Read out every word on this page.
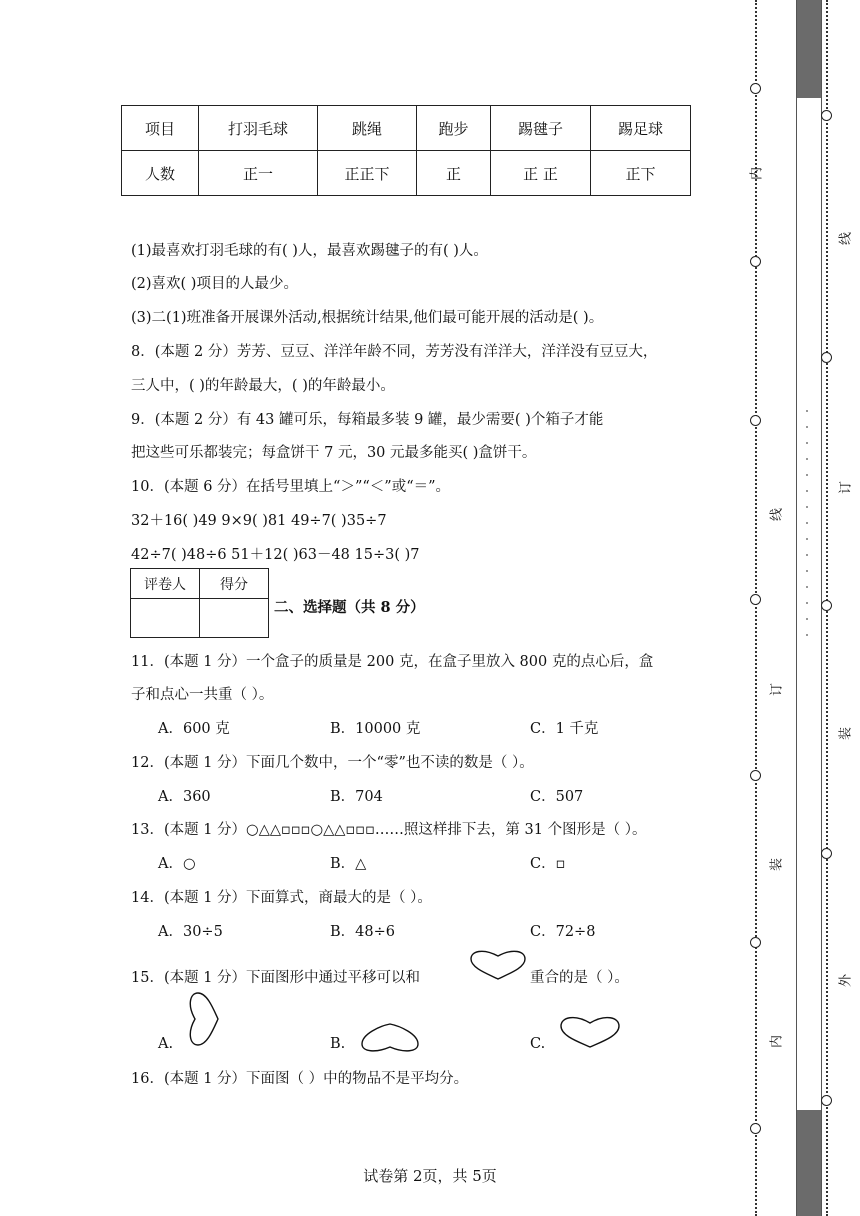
项目	打羽毛球	跳绳	跑步	踢毽子	踢足球
人数	正一	正正下	正	正 正	正下
(1)最喜欢打羽毛球的有( )人，最喜欢踢毽子的有( )人。
(2)喜欢( )项目的人最少。
(3)二(1)班准备开展课外活动,根据统计结果,他们最可能开展的活动是( )。
8．(本题 2 分）芳芳、豆豆、洋洋年龄不同，芳芳没有洋洋大，洋洋没有豆豆大，
三人中，( )的年龄最大，( )的年龄最小。
9．(本题 2 分）有 43 罐可乐，每箱最多装 9 罐，最少需要( )个箱子才能
把这些可乐都装完；每盒饼干 7 元，30 元最多能买( )盒饼干。
10．(本题 6 分）在括号里填上“＞”“＜”或“＝”。
32＋16( )49 9×9( )81 49÷7( )35÷7
42÷7( )48÷6 51＋12( )63－48 15÷3( )7
评卷人	得分

二、选择题（共 8 分）
11．(本题 1 分）一个盒子的质量是 200 克，在盒子里放入 800 克的点心后，盒
子和点心一共重（ ）。
A．600 克	B．10000 克	C．1 千克
12．(本题 1 分）下面几个数中，一个“零”也不读的数是（ ）。
A．360	B．704	C．507
13．(本题 1 分）○△△▫▫▫○△△▫▫▫……照这样排下去，第 31 个图形是（ ）。
A．○	B．△	C．▫
14．(本题 1 分）下面算式，商最大的是（ ）。
A．30÷5	B．48÷6	C．72÷8
15．(本题 1 分）下面图形中通过平移可以和	重合的是（ ）。
A.	B.	C.
16．(本题 1 分）下面图（ ）中的物品不是平均分。
试卷第 2页，共 5页
内
线
订
装
内
线
订
装
外
